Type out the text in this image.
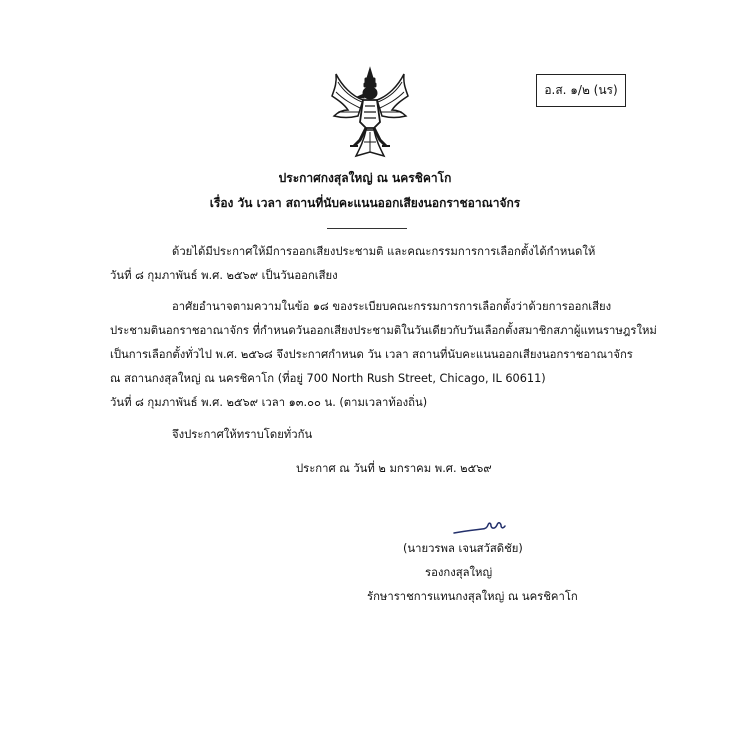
อ.ส. ๑/๒ (นร)
ประกาศกงสุลใหญ่ ณ นครชิคาโก
เรื่อง วัน เวลา สถานที่นับคะแนนออกเสียงนอกราชอาณาจักร
ด้วยได้มีประกาศให้มีการออกเสียงประชามติ และคณะกรรมการการเลือกตั้งได้กำหนดให้
วันที่ ๘ กุมภาพันธ์ พ.ศ. ๒๕๖๙ เป็นวันออกเสียง
อาศัยอำนาจตามความในข้อ ๑๘ ของระเบียบคณะกรรมการการเลือกตั้งว่าด้วยการออกเสียง
ประชามตินอกราชอาณาจักร ที่กำหนดวันออกเสียงประชามติในวันเดียวกับวันเลือกตั้งสมาชิกสภาผู้แทนราษฎรใหม่
เป็นการเลือกตั้งทั่วไป พ.ศ. ๒๕๖๘ จึงประกาศกำหนด วัน เวลา สถานที่นับคะแนนออกเสียงนอกราชอาณาจักร
ณ สถานกงสุลใหญ่ ณ นครชิคาโก (ที่อยู่ 700 North Rush Street, Chicago, IL 60611)
วันที่ ๘ กุมภาพันธ์ พ.ศ. ๒๕๖๙ เวลา ๑๓.๐๐ น. (ตามเวลาท้องถิ่น)
จึงประกาศให้ทราบโดยทั่วกัน
ประกาศ ณ วันที่ ๒ มกราคม พ.ศ. ๒๕๖๙
(นายวรพล เจนสวัสดิชัย)
รองกงสุลใหญ่
รักษาราชการแทนกงสุลใหญ่ ณ นครชิคาโก
